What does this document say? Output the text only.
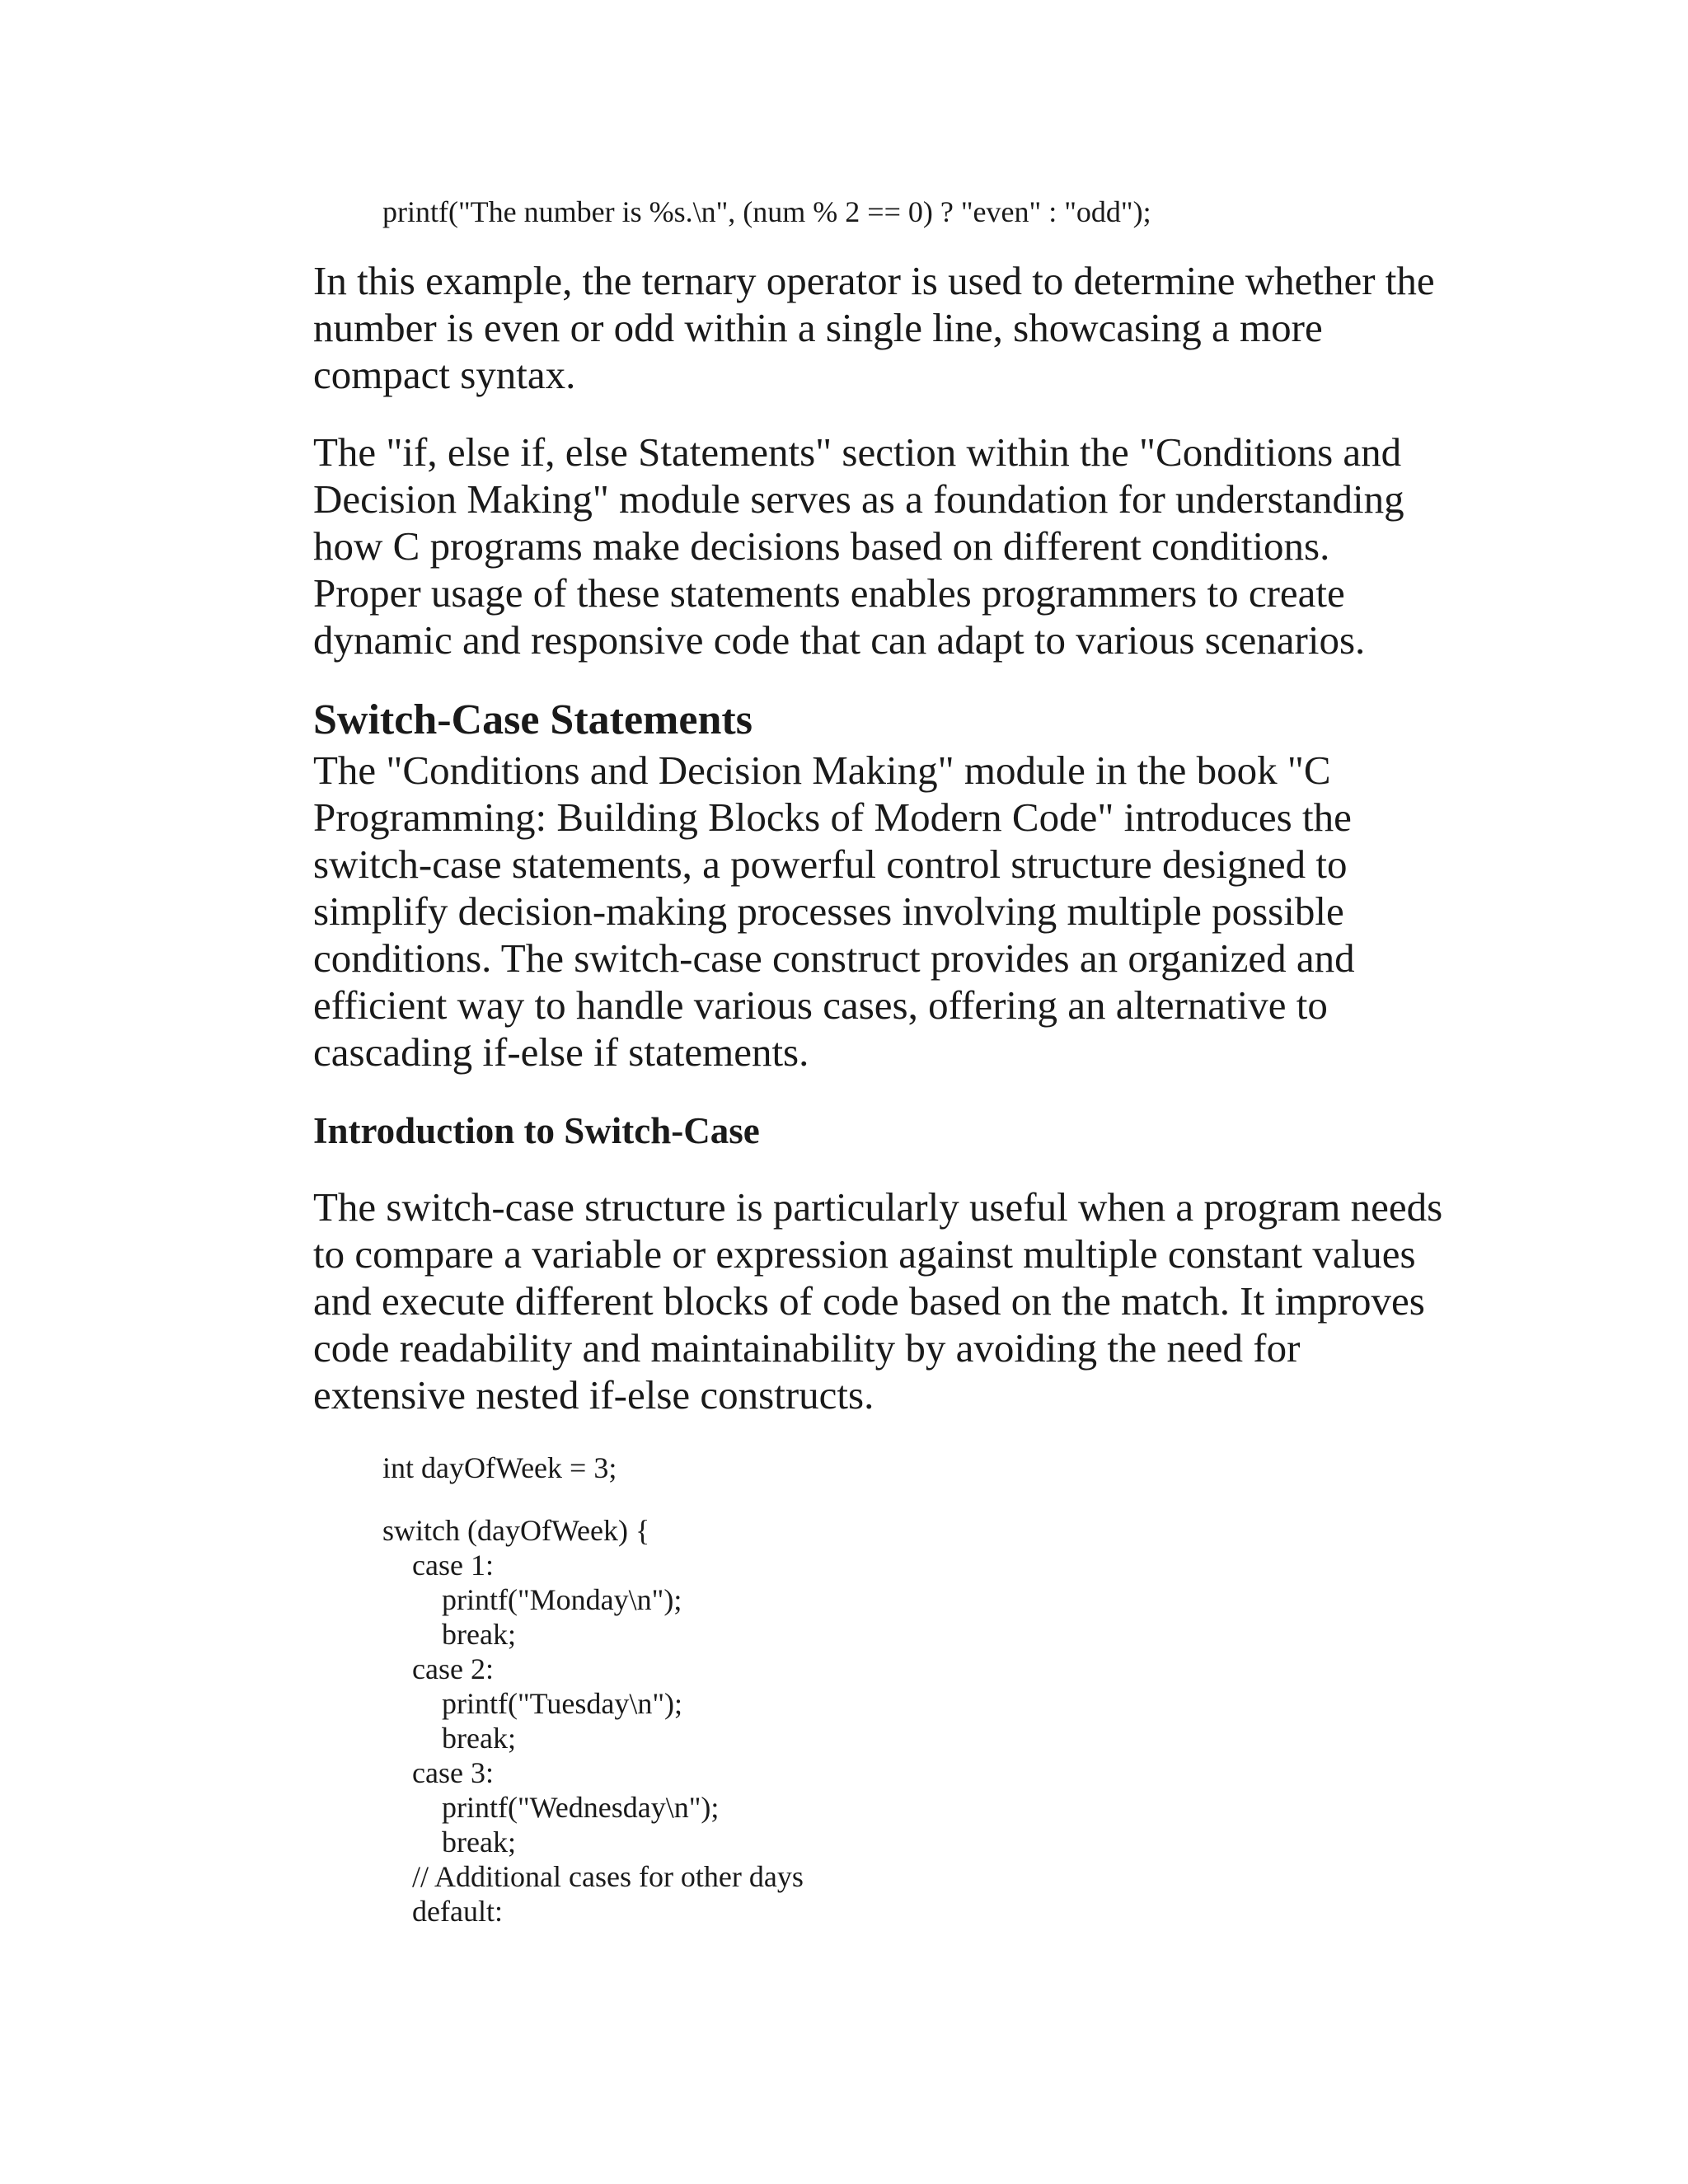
printf("The number is %s.\n", (num % 2 == 0) ? "even" : "odd");

In this example, the ternary operator is used to determine whether the
number is even or odd within a single line, showcasing a more
compact syntax.

The "if, else if, else Statements" section within the "Conditions and
Decision Making" module serves as a foundation for understanding
how C programs make decisions based on different conditions.
Proper usage of these statements enables programmers to create
dynamic and responsive code that can adapt to various scenarios.

Switch-Case Statements

The "Conditions and Decision Making" module in the book "C
Programming: Building Blocks of Modern Code" introduces the
switch-case statements, a powerful control structure designed to
simplify decision-making processes involving multiple possible
conditions. The switch-case construct provides an organized and
efficient way to handle various cases, offering an alternative to
cascading if-else if statements.

Introduction to Switch-Case

The switch-case structure is particularly useful when a program needs
to compare a variable or expression against multiple constant values
and execute different blocks of code based on the match. It improves
code readability and maintainability by avoiding the need for
extensive nested if-else constructs.

int dayOfWeek = 3;
switch (dayOfWeek) {
case 1:
printf("Monday\n");
break;
case 2:
printf("Tuesday\n");
break;
case 3:
printf("Wednesday\n");
break;
// Additional cases for other days
default:
